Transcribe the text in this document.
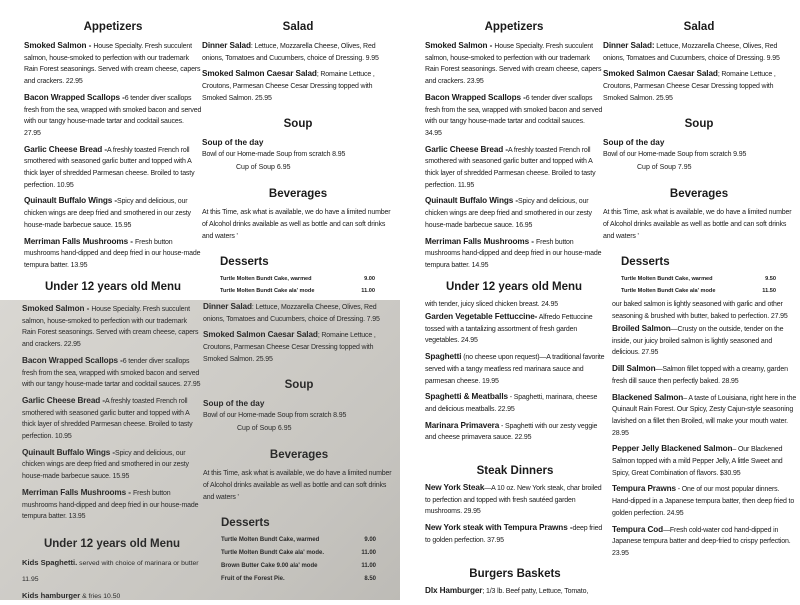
Appetizers
Smoked Salmon - House Specialty. Fresh succulent salmon, house-smoked to perfection with our trademark Rain Forest seasonings. Served with cream cheese, capers and crackers. 22.95
Bacon Wrapped Scallops -6 tender diver scallops fresh from the sea, wrapped with smoked bacon and served with our tangy house-made tartar and cocktail sauces. 27.95
Garlic Cheese Bread -A freshly toasted French roll smothered with seasoned garlic butter and topped with A thick layer of shredded Parmesan cheese. Broiled to tasty perfection. 10.95
Quinault Buffalo Wings -Spicy and delicious, our chicken wings are deep fried and smothered in our zesty house-made barbecue sauce. 15.95
Merriman Falls Mushrooms - Fresh button mushrooms hand-dipped and deep fried in our house-made tempura batter. 13.95
Under 12 years old Menu
Salad
Dinner Salad: Lettuce, Mozzarella Cheese, Olives, Red onions, Tomatoes and Cucumbers, choice of Dressing. 9.95
Smoked Salmon Caesar Salad; Romaine Lettuce , Croutons, Parmesan Cheese Cesar Dressing topped with Smoked Salmon. 25.95
Soup
Soup of the day
Bowl of our Home-made Soup from scratch 8.95
Cup of Soup 6.95
Beverages
At this Time, ask what is available, we do have a limited number of Alcohol drinks available as well as bottle and can soft drinks and waters '
Desserts
Turtle Molten Bundt Cake, warmed	9.00
Turtle Molten Bundt Cake ala' mode	11.00
Appetizers
Smoked Salmon - House Specialty. Fresh succulent salmon, house-smoked to perfection with our trademark Rain Forest seasonings. Served with cream cheese, capers and crackers. 23.95
Bacon Wrapped Scallops -6 tender diver scallops fresh from the sea, wrapped with smoked bacon and served with our tangy house-made tartar and cocktail sauces. 34.95
Garlic Cheese Bread -A freshly toasted French roll smothered with seasoned garlic butter and topped with A thick layer of shredded Parmesan cheese. Broiled to tasty perfection. 11.95
Quinault Buffalo Wings -Spicy and delicious, our chicken wings are deep fried and smothered in our zesty house-made barbecue sauce. 16.95
Merriman Falls Mushrooms - Fresh button mushrooms hand-dipped and deep fried in our house-made tempura batter. 14.95
Under 12 years old Menu
Salad
Dinner Salad: Lettuce, Mozzarella Cheese, Olives, Red onions, Tomatoes and Cucumbers, choice of Dressing. 9.95
Smoked Salmon Caesar Salad; Romaine Lettuce , Croutons, Parmesan Cheese Cesar Dressing topped with Smoked Salmon. 25.95
Soup
Soup of the day
Bowl of our Home-made Soup from scratch 9.95
Cup of Soup 7.95
Beverages
At this Time, ask what is available, we do have a limited number of Alcohol drinks available as well as bottle and can soft drinks and waters '
Desserts
Turtle Molten Bundt Cake, warmed	9.50
Turtle Molten Bundt Cake ala' mode	11.50
Smoked Salmon - House Specialty. Fresh succulent salmon, house-smoked to perfection with our trademark Rain Forest seasonings. Served with cream cheese, capers and crackers. 22.95
Bacon Wrapped Scallops -6 tender diver scallops fresh from the sea, wrapped with smoked bacon and served with our tangy house-made tartar and cocktail sauces. 27.95
Garlic Cheese Bread -A freshly toasted French roll smothered with seasoned garlic butter and topped with A thick layer of shredded Parmesan cheese. Broiled to tasty perfection. 10.95
Quinault Buffalo Wings -Spicy and delicious, our chicken wings are deep fried and smothered in our zesty house-made barbecue sauce. 15.95
Merriman Falls Mushrooms - Fresh button mushrooms hand-dipped and deep fried in our house-made tempura batter. 13.95
Under 12 years old Menu
Kids Spaghetti. served with choice of marinara or butter 11.95
Kids hamburger & fries 10.50
Dinner Salad: Lettuce, Mozzarella Cheese, Olives, Red onions, Tomatoes and Cucumbers, choice of Dressing. 7.95
Smoked Salmon Caesar Salad; Romaine Lettuce , Croutons, Parmesan Cheese Cesar Dressing topped with Smoked Salmon. 25.95
Soup
Soup of the day
Bowl of our Home-made Soup from scratch 8.95
Cup of Soup 6.95
Beverages
At this Time, ask what is available, we do have a limited number of Alcohol drinks available as well as bottle and can soft drinks and waters '
Desserts
Turtle Molten Bundt Cake, warmed	9.00
Turtle Molten Bundt Cake ala' mode.	11.00
Brown Butter Cake 9.00 ala' mode	11.00
Fruit of the Forest Pie.	8.50
with tender, juicy sliced chicken breast. 24.95
Garden Vegetable Fettuccine- Alfredo Fettuccine tossed with a tantalizing assortment of fresh garden vegetables. 24.95
Spaghetti (no cheese upon request)—A traditional favorite served with a tangy meatless red marinara sauce and parmesan cheese. 19.95
Spaghetti & Meatballs - Spaghetti, marinara, cheese and delicious meatballs. 22.95
Marinara Primavera - Spaghetti with our zesty veggie and cheese primavera sauce. 22.95
Steak Dinners
New York Steak—A 10 oz. New York steak, char broiled to perfection and topped with fresh sautéed garden mushrooms. 29.95
New York steak with Tempura Prawns -deep fried to golden perfection. 37.95
Burgers Baskets
Dlx Hamburger; 1/3 lb. Beef patty, Lettuce, Tomato,
our baked salmon is lightly seasoned with garlic and other seasoning & brushed with butter, baked to perfection. 27.95
Broiled Salmon—Crusty on the outside, tender on the inside, our juicy broiled salmon is lightly seasoned and delicious. 27.95
Dill Salmon—Salmon fillet topped with a creamy, garden fresh dill sauce then perfectly baked. 28.95
Blackened Salmon– A taste of Louisiana, right here in the Quinault Rain Forest. Our Spicy, Zesty Cajun-style seasoning lavished on a fillet then Broiled, will make your mouth water. 28.95
Pepper Jelly Blackened Salmon– Our Blackened Salmon topped with a mild Pepper Jelly, A little Sweet and Spicy, Great Combination of flavors. $30.95
Tempura Prawns - One of our most popular dinners. Hand-dipped in a Japanese tempura batter, then deep fried to golden perfection. 24.95
Tempura Cod—Fresh cold-water cod hand-dipped in Japanese tempura batter and deep-fried to crispy perfection. 23.95
